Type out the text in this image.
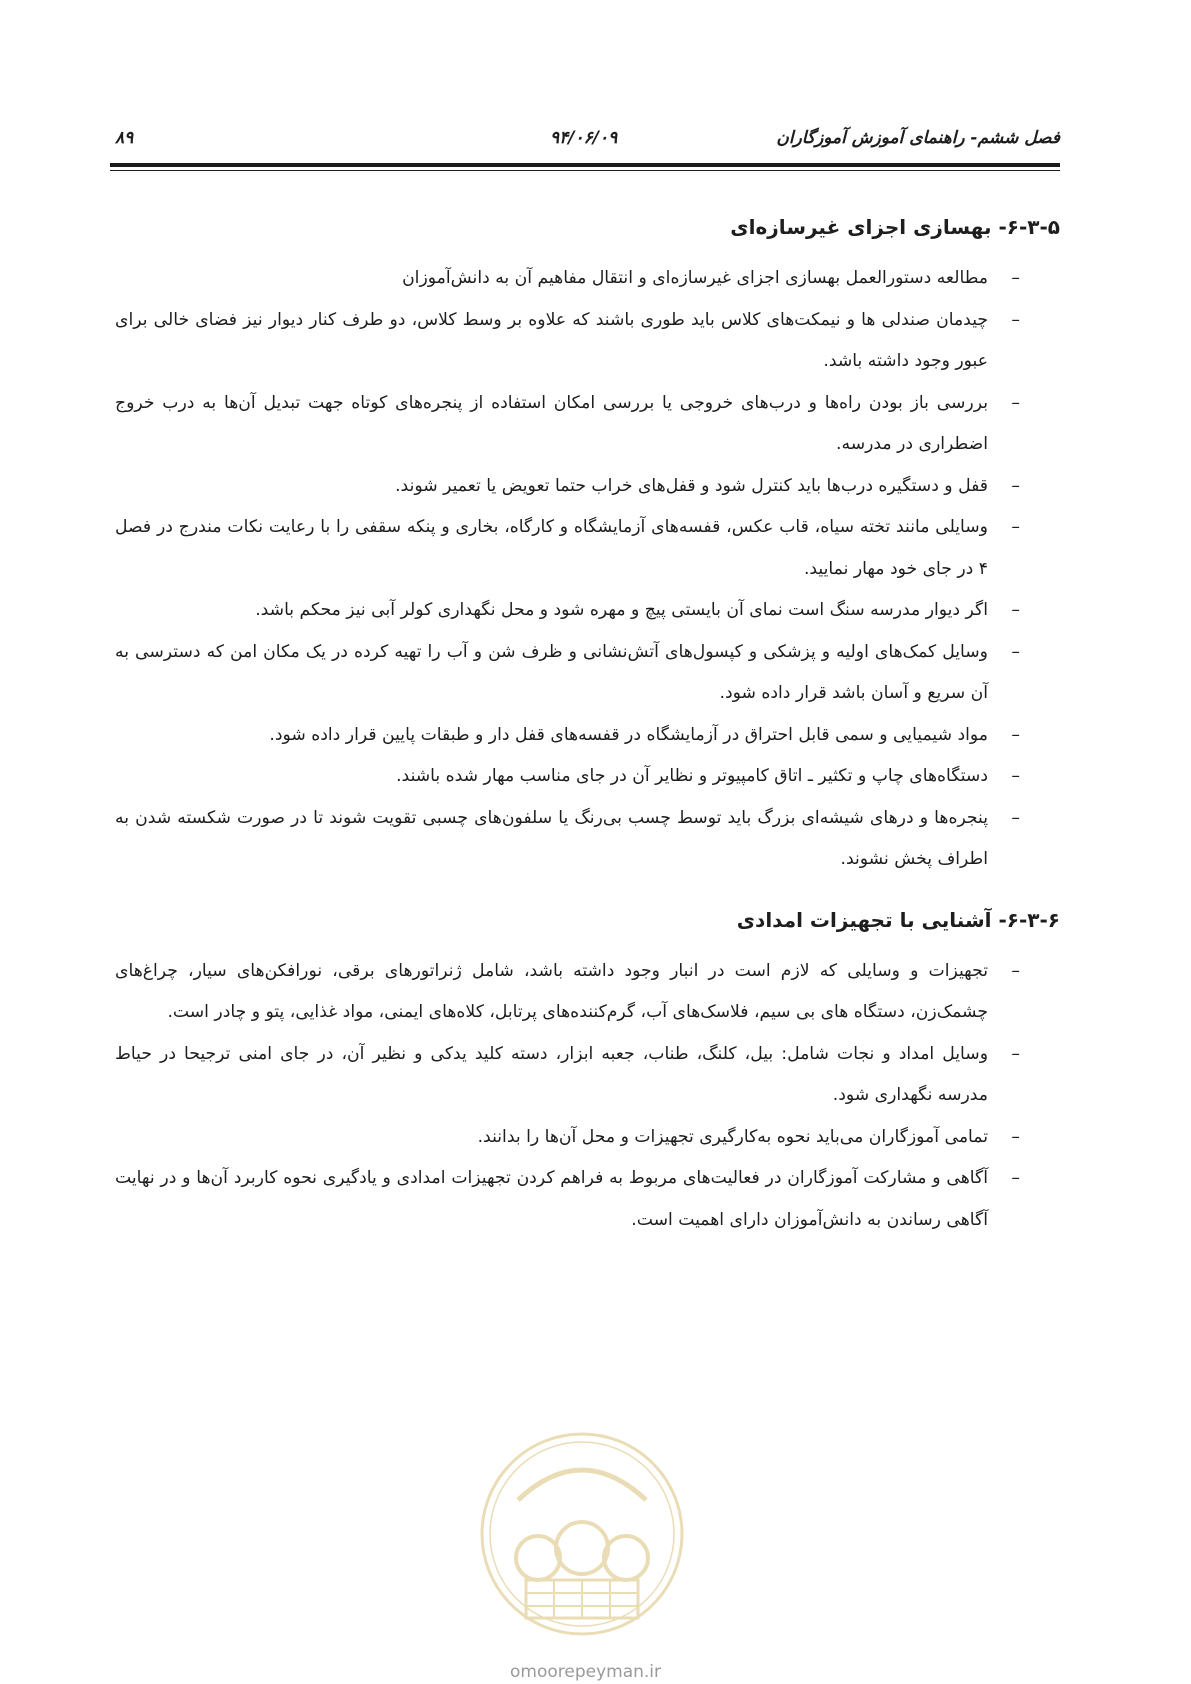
فصل ششم- راهنمای آموزش آموزگاران
۹۴/۰۶/۰۹
۸۹
۶-۳-۵- بهسازی اجزای غیرسازه‌ای
–
مطالعه دستورالعمل بهسازی اجزای غیرسازه‌ای و انتقال مفاهیم آن به دانش‌آموزان
–
چیدمان صندلی ها و نیمکت‌های کلاس باید طوری باشند که علاوه بر وسط کلاس، دو طرف کنار دیوار نیز فضای خالی برای عبور وجود داشته باشد.
–
بررسی باز بودن راه‌ها و درب‌های خروجی یا بررسی امکان استفاده از پنجره‌های کوتاه جهت تبدیل آن‌ها به درب خروج اضطراری در مدرسه.
–
قفل و دستگیره درب‌ها باید کنترل شود و قفل‌های خراب حتما تعویض یا تعمیر شوند.
–
وسایلی مانند تخته سیاه، قاب عکس، قفسه‌های آزمایشگاه و کارگاه، بخاری و پنکه سقفی را با رعایت نکات مندرج در فصل ۴ در جای خود مهار نمایید.
–
اگر دیوار مدرسه سنگ است نمای آن بایستی پیچ و مهره شود و محل نگهداری کولر آبی نیز محکم باشد.
–
وسایل کمک‌های اولیه و پزشکی و کپسول‌های آتش‌نشانی و ظرف شن و آب را تهیه کرده در یک مکان امن که دسترسی به آن سریع و آسان باشد قرار داده شود.
–
مواد شیمیایی و سمی قابل احتراق در آزمایشگاه در قفسه‌های قفل دار و طبقات پایین قرار داده شود.
–
دستگاه‌های چاپ و تکثیر ـ اتاق کامپیوتر و نظایر آن در جای مناسب مهار شده باشند.
–
پنجره‌ها و درهای شیشه‌ای بزرگ باید توسط چسب بی‌رنگ یا سلفون‌های چسبی تقویت شوند تا در صورت شکسته شدن به اطراف پخش نشوند.
۶-۳-۶- آشنایی با تجهیزات امدادی
–
تجهیزات و وسایلی که لازم است در انبار وجود داشته باشد، شامل ژنراتورهای برقی، نورافکن‌های سیار، چراغ‌های چشمک‌زن، دستگاه های بی سیم، فلاسک‌های آب، گرم‌کننده‌های پرتابل، کلاه‌های ایمنی، مواد غذایی، پتو و چادر است.
–
وسایل امداد و نجات شامل: بیل، کلنگ، طناب، جعبه ابزار، دسته کلید یدکی و نظیر آن، در جای امنی ترجیحا در حیاط مدرسه نگهداری شود.
–
تمامی آموزگاران می‌باید نحوه به‌کارگیری تجهیزات و محل آن‌ها را بدانند.
–
آگاهی و مشارکت آموزگاران در فعالیت‌های مربوط به فراهم کردن تجهیزات امدادی و یادگیری نحوه کاربرد آن‌ها و در نهایت آگاهی رساندن به دانش‌آموزان دارای اهمیت است.
omoorepeyman.ir
